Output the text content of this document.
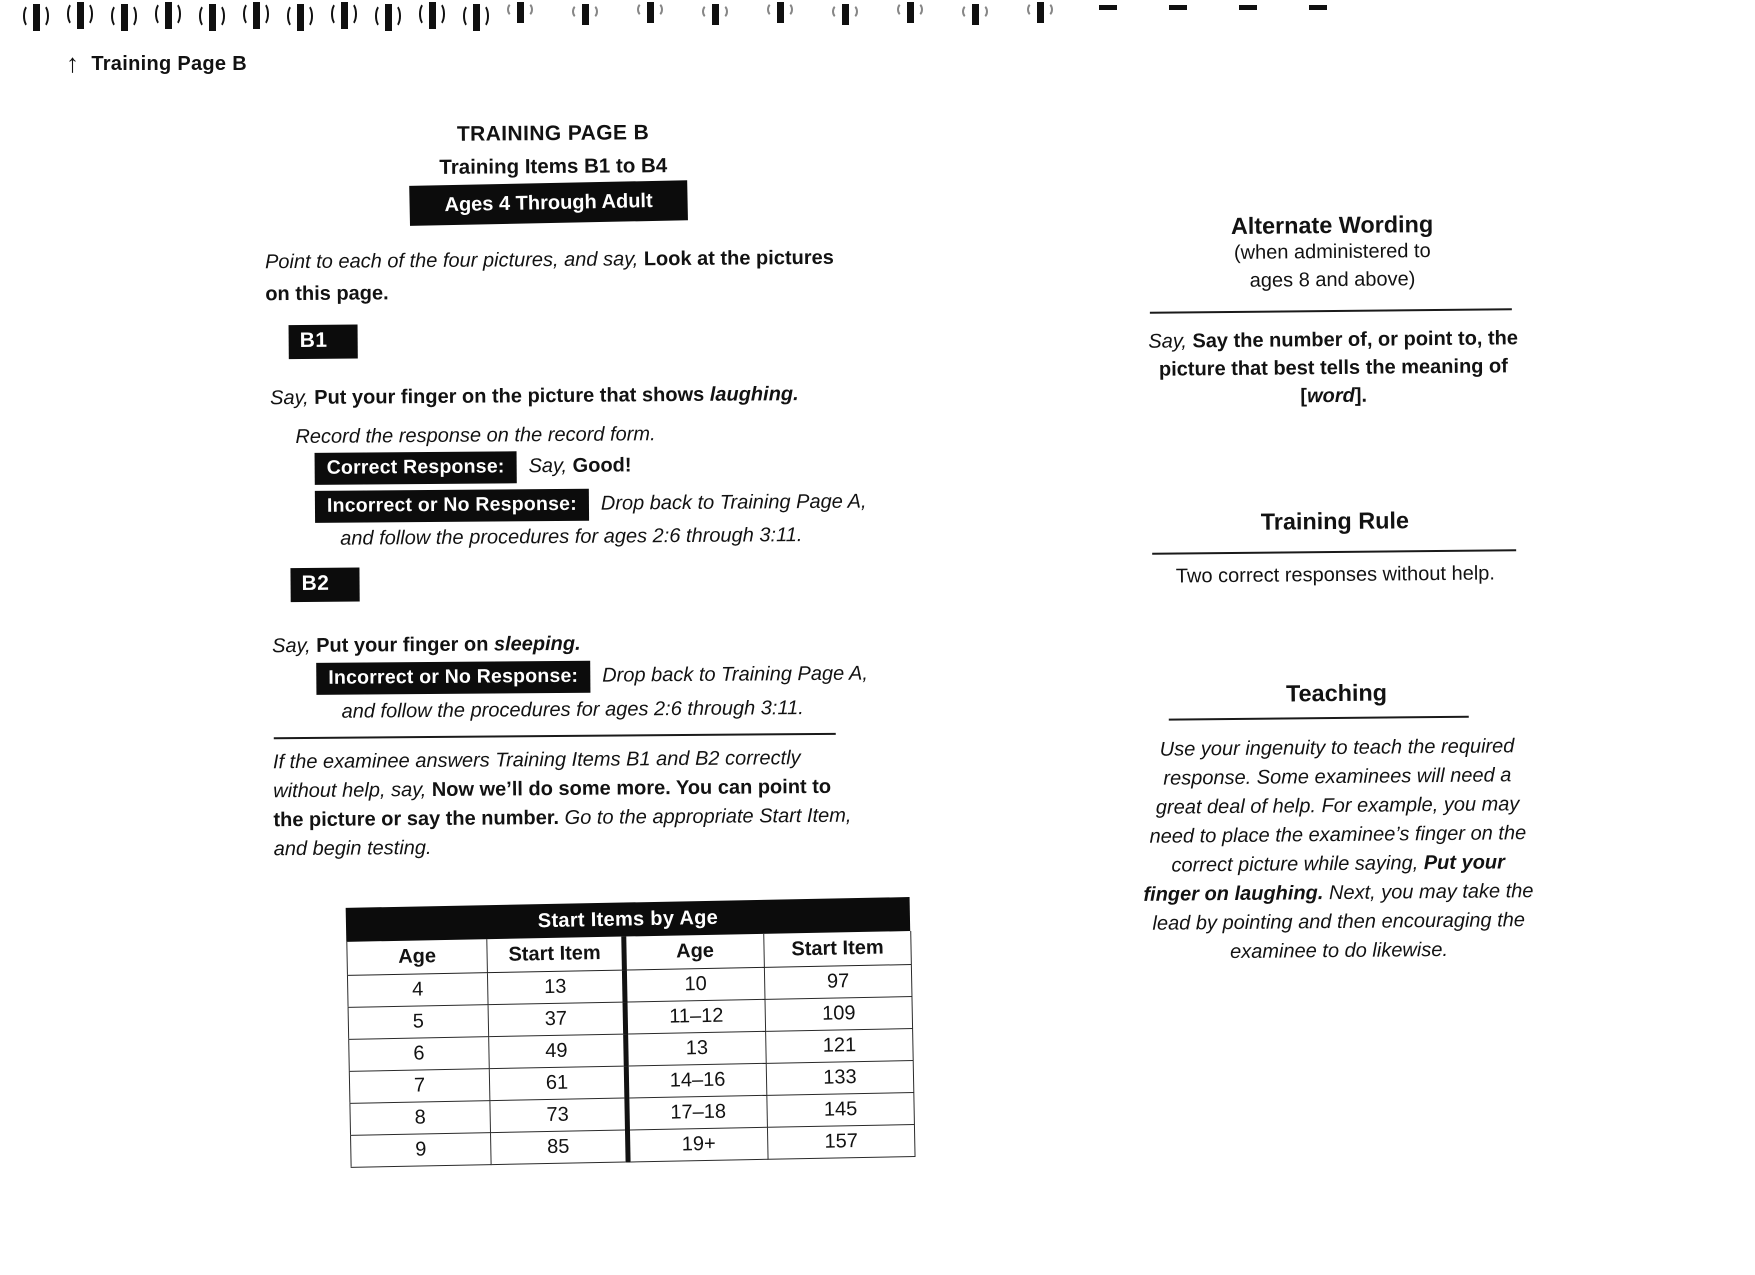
↑ Training Page B
TRAINING PAGE B
Training Items B1 to B4
Ages 4 Through Adult

Point to each of the four pictures, and say, Look at the pictures on this page.

B1

Say, Put your finger on the picture that shows laughing.

Record the response on the record form.

Correct Response: Say, Good!

Incorrect or No Response: Drop back to Training Page A,

and follow the procedures for ages 2:6 through 3:11.

B2

Say, Put your finger on sleeping.

Incorrect or No Response: Drop back to Training Page A,

and follow the procedures for ages 2:6 through 3:11.

If the examinee answers Training Items B1 and B2 correctly without help, say, Now we’ll do some more. You can point to the picture or say the number. Go to the appropriate Start Item, and begin testing.

Start Items by Age
Age	Start Item	Age	Start Item
4	13	10	97
5	37	11–12	109
6	49	13	121
7	61	14–16	133
8	73	17–18	145
9	85	19+	157
Alternate Wording
(when administered to
ages 8 and above)

Say, Say the number of, or point to, the picture that best tells the meaning of [word].

Training Rule

Two correct responses without help.

Teaching

Use your ingenuity to teach the required response. Some examinees will need a great deal of help. For example, you may need to place the examinee’s finger on the correct picture while saying, Put your finger on laughing. Next, you may take the lead by pointing and then encouraging the examinee to do likewise.
